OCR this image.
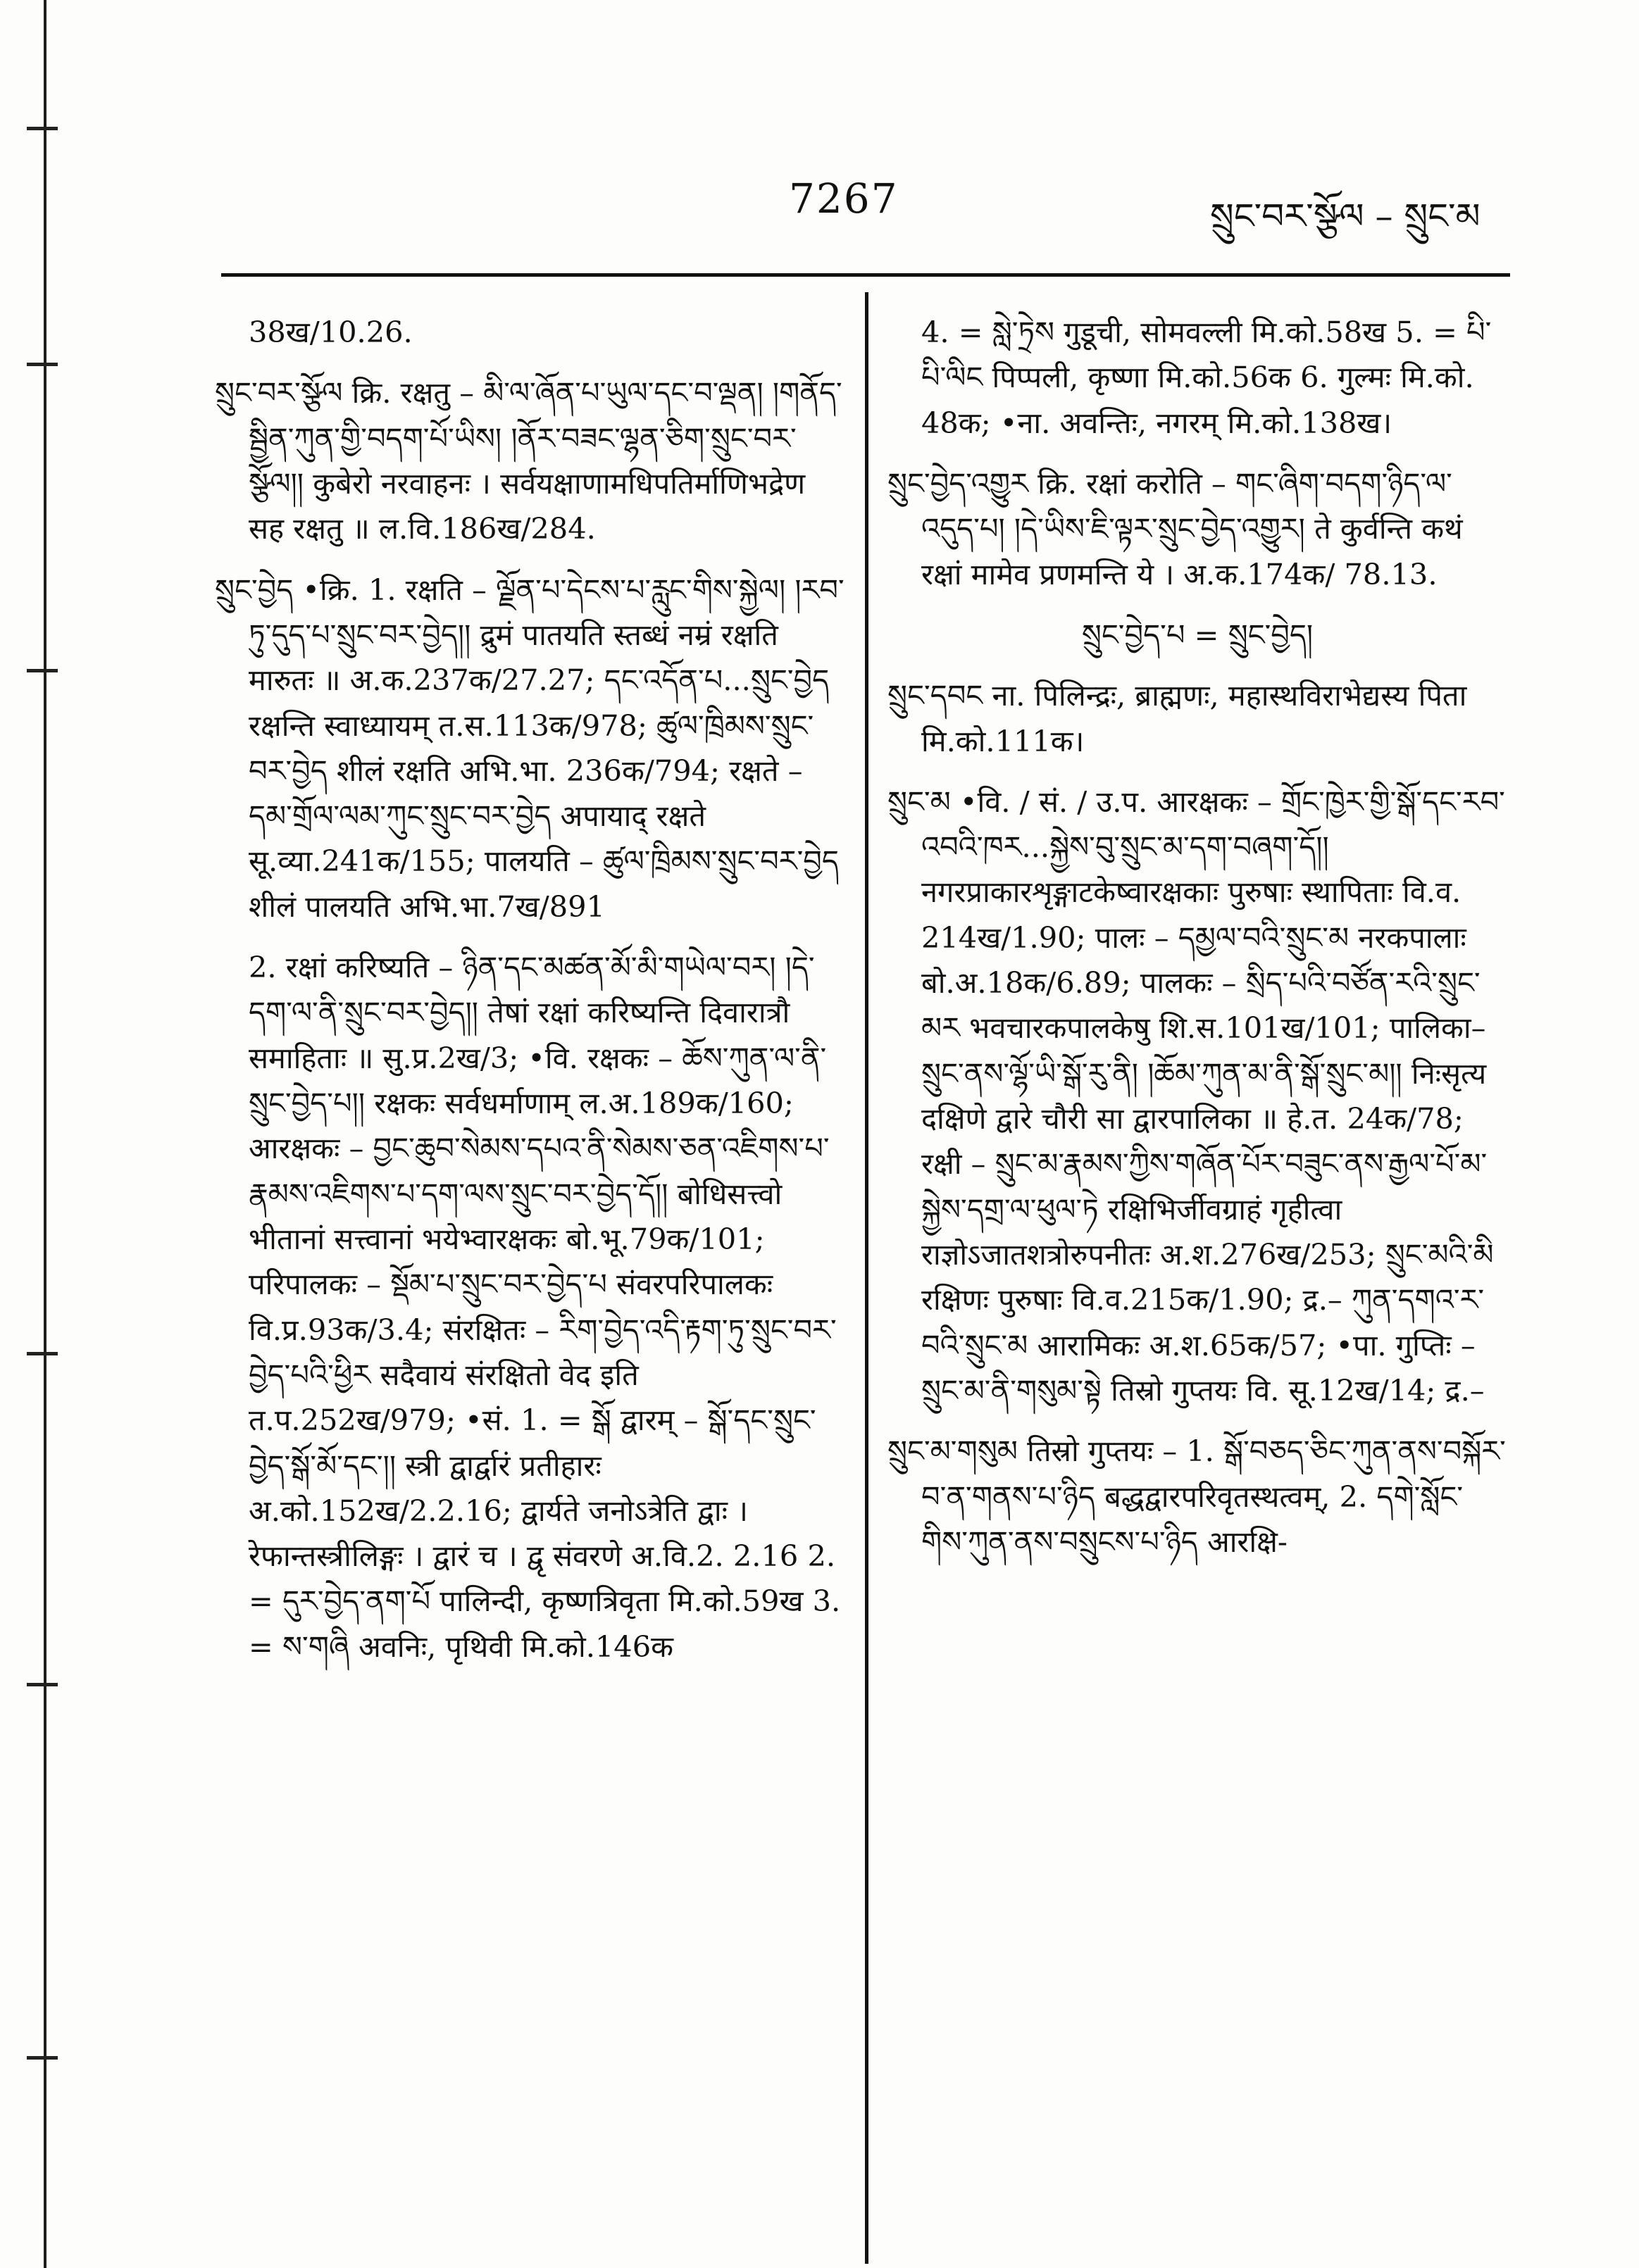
7267	སྲུང་བར་སྩོལ – སྲུང་མ
38ख/10.26.
སྲུང་བར་སྩོལ क्रि. रक्षतु – མི་ལ་ཞོན་པ་ཡུལ་དང་བ་ལྡན། །གནོད་སྦྱིན་ཀུན་གྱི་བདག་པོ་ཡིས། །ནོར་བཟང་ལྷན་ཅིག་སྲུང་བར་སྩོལ།། कुबेरो नरवाहनः । सर्वयक्षाणामधिपतिर्माणिभद्रेण सह रक्षतु ॥ ल.वि.186ख/284.
སྲུང་བྱེད •क्रि. 1. रक्षति – ལྗོན་པ་དེངས་པ་རླུང་གིས་སྐྱེལ། །རབ་ཏུ་དུད་པ་སྲུང་བར་བྱེད།། द्रुमं पातयति स्तब्धं नम्रं रक्षति मारुतः ॥ अ.क.237क/27.27; དང་འདོན་པ...སྲུང་བྱེད रक्षन्ति स्वाध्यायम् त.स.113क/978; ཚུལ་ཁྲིམས་སྲུང་བར་བྱེད शीलं रक्षति अभि.भा. 236क/794; रक्षते – དམ་གྲོལ་ལམ་ཀུང་སྲུང་བར་བྱེད अपायाद् रक्षते सू.व्या.241क/155; पालयति – ཚུལ་ཁྲིམས་སྲུང་བར་བྱེད शीलं पालयति अभि.भा.7ख/891
2. रक्षां करिष्यति – ཉིན་དང་མཚན་མོ་མི་གཡེལ་བར། །དེ་དག་ལ་ནི་སྲུང་བར་བྱེད།། तेषां रक्षां करिष्यन्ति दिवारात्रौ समाहिताः ॥ सु.प्र.2ख/3; •वि. रक्षकः – ཆོས་ཀུན་ལ་ནི་སྲུང་བྱེད་པ།། रक्षकः सर्वधर्माणाम् ल.अ.189क/160; आरक्षकः – བྱང་ཆུབ་སེམས་དཔའ་ནི་སེམས་ཅན་འཇིགས་པ་རྣམས་འཇིགས་པ་དག་ལས་སྲུང་བར་བྱེད་དོ།། बोधिसत्त्वो भीतानां सत्त्वानां भयेभ्वारक्षकः बो.भू.79क/101; परिपालकः – སྡོམ་པ་སྲུང་བར་བྱེད་པ संवरपरिपालकः वि.प्र.93क/3.4; संरक्षितः – རིག་བྱེད་འདི་རྟག་ཏུ་སྲུང་བར་བྱེད་པའི་ཕྱིར सदैवायं संरक्षितो वेद इति त.प.252ख/979; •सं. 1. = སྒོ द्वारम् – སྒོ་དང་སྲུང་བྱེད་སྒོ་མོ་དང་།། स्त्री द्वार्द्वारं प्रतीहारः अ.को.152ख/2.2.16; द्वार्यते जनोऽत्रेति द्वाः । रेफान्तस्त्रीलिङ्गः । द्वारं च । द्वृ संवरणे अ.वि.2. 2.16 2. = དུར་བྱེད་ནག་པོ पालिन्दी, कृष्णत्रिवृता मि.को.59ख 3. = ས་གཞི अवनिः, पृथिवी मि.को.146क
4. = སླེ་ཏྲེས गुडूची, सोमवल्ली मि.को.58ख 5. = པི་པི་ལིང पिप्पली, कृष्णा मि.को.56क 6. गुल्मः मि.को. 48क; •ना. अवन्तिः, नगरम् मि.को.138ख।
སྲུང་བྱེད་འགྱུར क्रि. रक्षां करोति – གང་ཞིག་བདག་ཉིད་ལ་འདུད་པ། །དེ་ཡིས་ཇི་ལྟར་སྲུང་བྱེད་འགྱུར། ते कुर्वन्ति कथं रक्षां मामेव प्रणमन्ति ये । अ.क.174क/ 78.13.
སྲུང་བྱེད་པ = སྲུང་བྱེད།
སྲུང་དབང ना. पिलिन्द्रः, ब्राह्मणः, महास्थविराभेद्यस्य पिता मि.को.111क।
སྲུང་མ •वि. / सं. / उ.प. आरक्षकः – གྲོང་ཁྱེར་གྱི་སྒོ་དང་རབ་འབའི་ཁར...སྐྱེས་བུ་སྲུང་མ་དག་བཞག་དོ།། नगरप्राकारशृङ्गाटकेष्वारक्षकाः पुरुषाः स्थापिताः वि.व. 214ख/1.90; पालः – དམྱལ་བའི་སྲུང་མ नरकपालाः बो.अ.18क/6.89; पालकः – སྲིད་པའི་བཙོན་རའི་སྲུང་མར भवचारकपालकेषु शि.स.101ख/101; पालिका– སྲུང་ནས་ལྷོ་ཡི་སྒོ་རུ་ནི། །ཆོམ་ཀུན་མ་ནི་སྒོ་སྲུང་མ།། निःसृत्य दक्षिणे द्वारे चौरी सा द्वारपालिका ॥ हे.त. 24क/78; रक्षी – སྲུང་མ་རྣམས་ཀྱིས་གཞོན་པོར་བཟུང་ནས་རྒྱལ་པོ་མ་སྐྱེས་དགྲ་ལ་ཕུལ་ཏེ रक्षिभिर्जीवग्राहं गृहीत्वा राज्ञोऽजातशत्रोरुपनीतः अ.श.276ख/253; སྲུང་མའི་མི रक्षिणः पुरुषाः वि.व.215क/1.90; द्र.– ཀུན་དགའ་ར་བའི་སྲུང་མ आरामिकः अ.श.65क/57; •पा. गुप्तिः – སྲུང་མ་ནི་གསུམ་སྟེ तिस्रो गुप्तयः वि. सू.12ख/14; द्र.–
སྲུང་མ་གསུམ तिस्रो गुप्तयः – 1. སྒོ་བཅད་ཅིང་ཀུན་ནས་བསྐོར་བ་ན་གནས་པ་ཉིད बद्धद्वारपरिवृतस्थत्वम्, 2. དགེ་སློང་གིས་ཀུན་ནས་བསྲུངས་པ་ཉིད आरक्षि-
